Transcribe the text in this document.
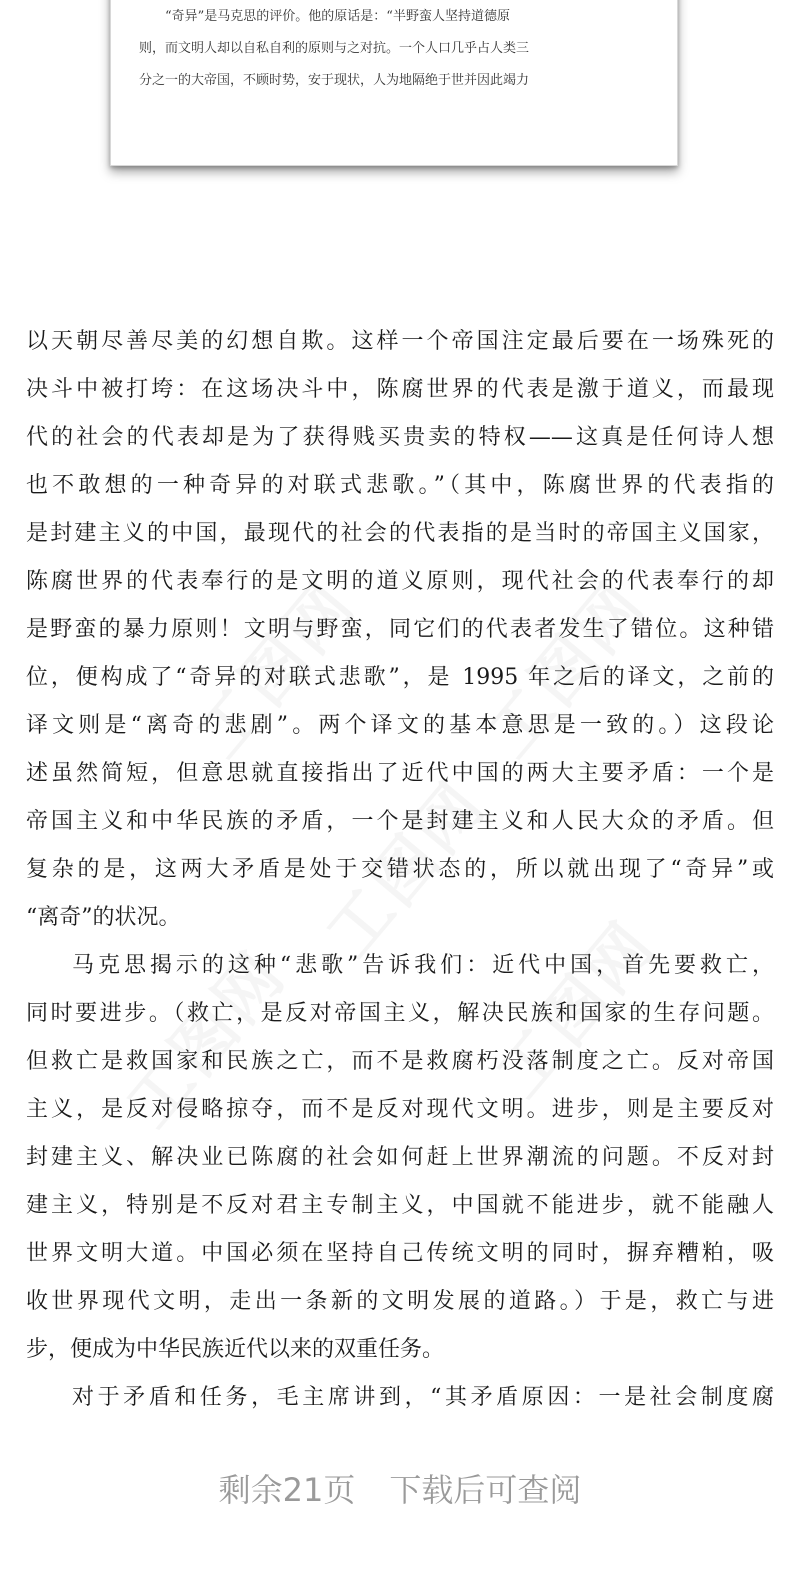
“奇异”是马克思的评价。他的原话是：“半野蛮人坚持道德原
则，而文明人却以自私自利的原则与之对抗。一个人口几乎占人类三
分之一的大帝国，不顾时势，安于现状，人为地隔绝于世并因此竭力
工图网 工图网
工图网
工图网	工图网
以天朝尽善尽美的幻想自欺。这样一个帝国注定最后要在一场殊死的
决斗中被打垮：在这场决斗中，陈腐世界的代表是激于道义，而最现
代的社会的代表却是为了获得贱买贵卖的特权——这真是任何诗人想
也不敢想的一种奇异的对联式悲歌。”（其中，陈腐世界的代表指的
是封建主义的中国，最现代的社会的代表指的是当时的帝国主义国家，
陈腐世界的代表奉行的是文明的道义原则，现代社会的代表奉行的却
是野蛮的暴力原则！文明与野蛮，同它们的代表者发生了错位。这种错
位，便构成了“奇异的对联式悲歌”，是 1995 年之后的译文，之前的
译文则是“离奇的悲剧”。两个译文的基本意思是一致的。）这段论
述虽然简短，但意思就直接指出了近代中国的两大主要矛盾：一个是
帝国主义和中华民族的矛盾，一个是封建主义和人民大众的矛盾。但
复杂的是，这两大矛盾是处于交错状态的，所以就出现了“奇异”或
“离奇”的状况。
马克思揭示的这种“悲歌”告诉我们：近代中国，首先要救亡，
同时要进步。（救亡，是反对帝国主义，解决民族和国家的生存问题。
但救亡是救国家和民族之亡，而不是救腐朽没落制度之亡。反对帝国
主义，是反对侵略掠夺，而不是反对现代文明。进步，则是主要反对
封建主义、解决业已陈腐的社会如何赶上世界潮流的问题。不反对封
建主义，特别是不反对君主专制主义，中国就不能进步，就不能融人
世界文明大道。中国必须在坚持自己传统文明的同时，摒弃糟粕，吸
收世界现代文明，走出一条新的文明发展的道路。）于是，救亡与进
步，便成为中华民族近代以来的双重任务。
对于矛盾和任务，毛主席讲到，“其矛盾原因：一是社会制度腐
剩余21页 下载后可查阅
